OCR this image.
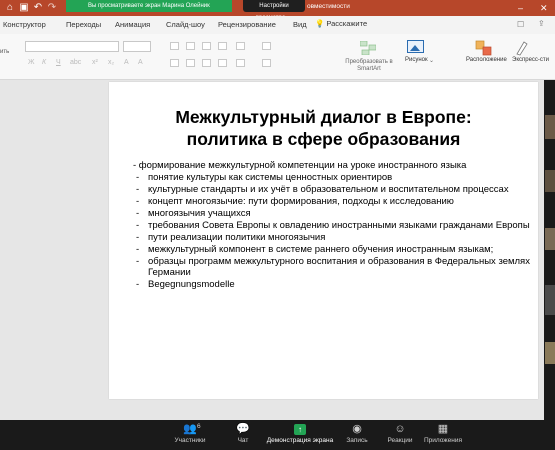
⌂ ▣ ↶ ↷	Вы просматриваете экран Марина Олейник	Настройки ⌄	овместимости	– ✕
Конструктор	Переходы Анимация Слайд-шоу Рецензирование Вид 💡 Расскажите	☐ ⇪
ить
Ж К Ч abc x² x₂ A A	Преобразовать в SmartArt
Рисунок ⌄	Расположение Экспресс-сти
Межкультурный диалог в Европе:
политика в сфере образования
- формирование межкультурной компетенции на уроке иностранного языка
- понятие культуры как системы ценностных ориентиров
- культурные стандарты и их учёт в образовательном и воспитательном процессах
- концепт многоязычие: пути формирования, подходы к исследованию
- многоязычия учащихся
- требования Совета Европы к овладению иностранными языками гражданами Европы
- пути реализации политики многоязычия
- межкультурный компонент в системе раннего обучения иностранным языкам;
- образцы программ межкультурного воспитания и образования в Федеральных землях Германии
- Begegnungsmodelle
👥
Участники
6	💬
Чат
↑
Демонстрация экрана
◉
Запись
☺
Реакции
▦
Приложения
